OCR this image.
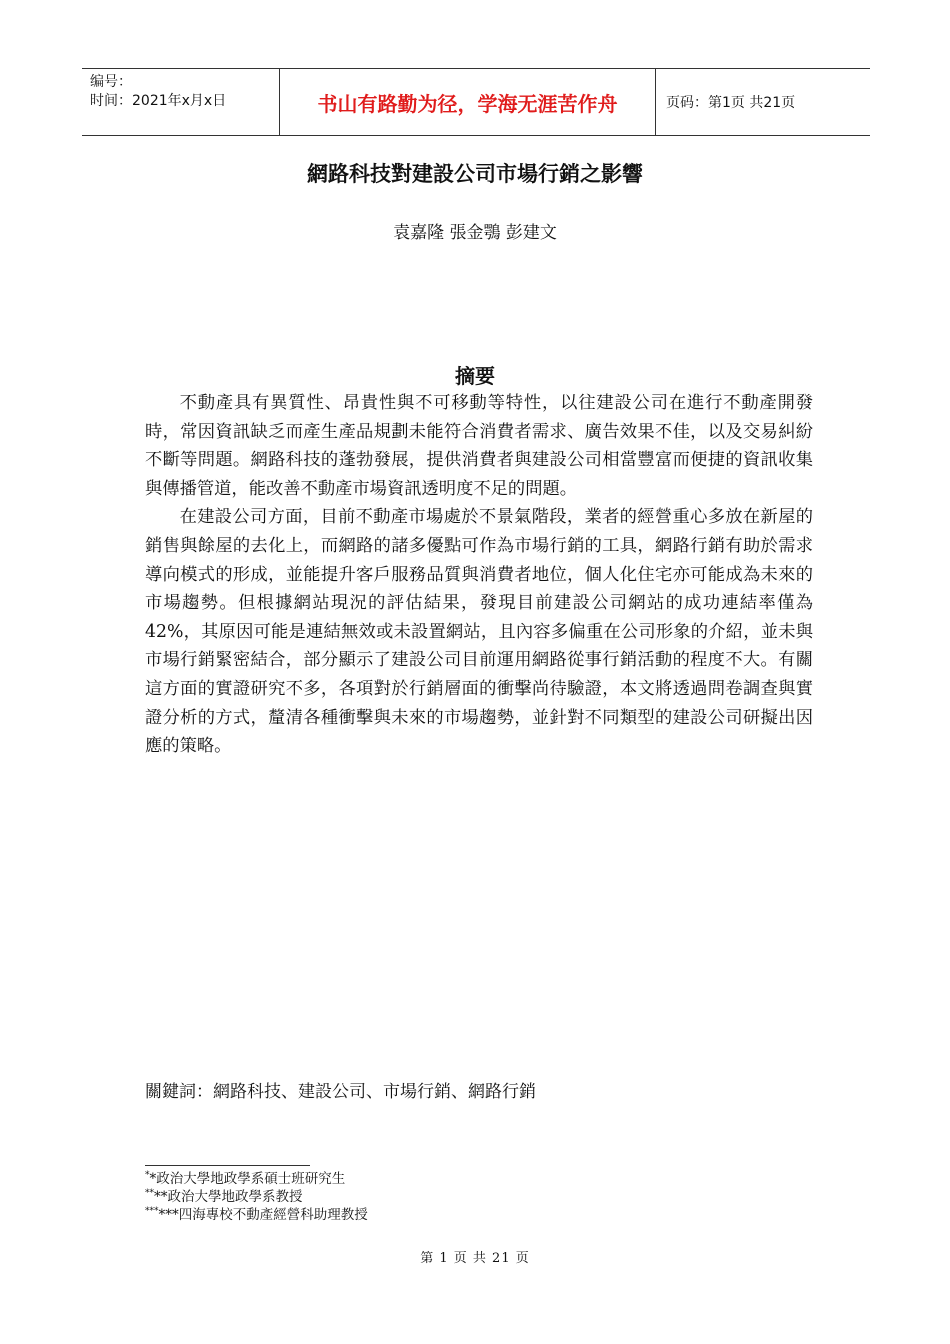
编号：
时间：2021年x月x日	书山有路勤为径，学海无涯苦作舟	页码：第1页 共21页
網路科技對建設公司市場行銷之影響
袁嘉隆 張金鶚 彭建文
摘要

不動產具有異質性、昂貴性與不可移動等特性，以往建設公司在進行不動產開發時，常因資訊缺乏而產生產品規劃未能符合消費者需求、廣告效果不佳，以及交易糾紛不斷等問題。網路科技的蓬勃發展，提供消費者與建設公司相當豐富而便捷的資訊收集與傳播管道，能改善不動產市場資訊透明度不足的問題。

在建設公司方面，目前不動產市場處於不景氣階段，業者的經營重心多放在新屋的銷售與餘屋的去化上，而網路的諸多優點可作為市場行銷的工具，網路行銷有助於需求導向模式的形成，並能提升客戶服務品質與消費者地位，個人化住宅亦可能成為未來的市場趨勢。但根據網站現況的評估結果，發現目前建設公司網站的成功連結率僅為42%，其原因可能是連結無效或未設置網站，且內容多偏重在公司形象的介紹，並未與市場行銷緊密結合，部分顯示了建設公司目前運用網路從事行銷活動的程度不大。有關這方面的實證研究不多，各項對於行銷層面的衝擊尚待驗證，本文將透過問卷調查與實證分析的方式，釐清各種衝擊與未來的市場趨勢，並針對不同類型的建設公司研擬出因應的策略。

關鍵詞：網路科技、建設公司、市場行銷、網路行銷
**政治大學地政學系碩士班研究生
****政治大學地政學系教授
******四海專校不動產經營科助理教授
第 1 页 共 21 页
